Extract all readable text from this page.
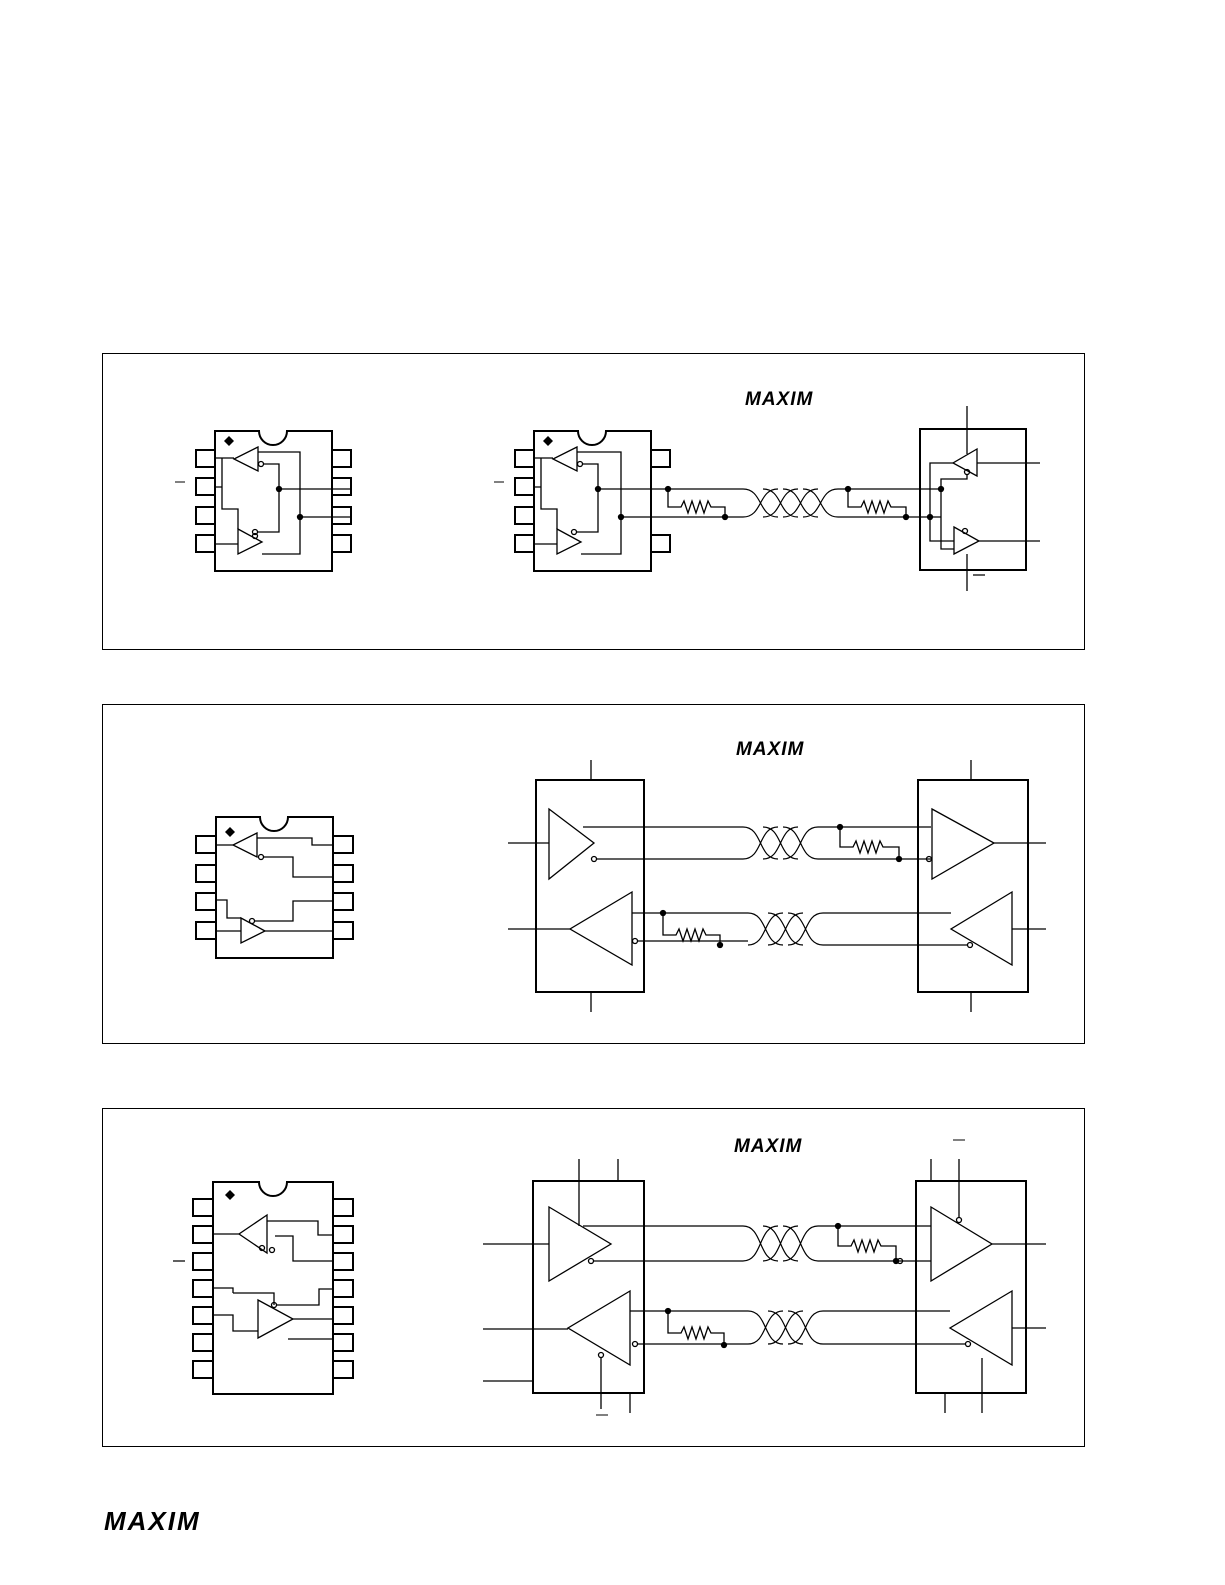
MAXIM
MAXIM
MAXIM
MAXIM
